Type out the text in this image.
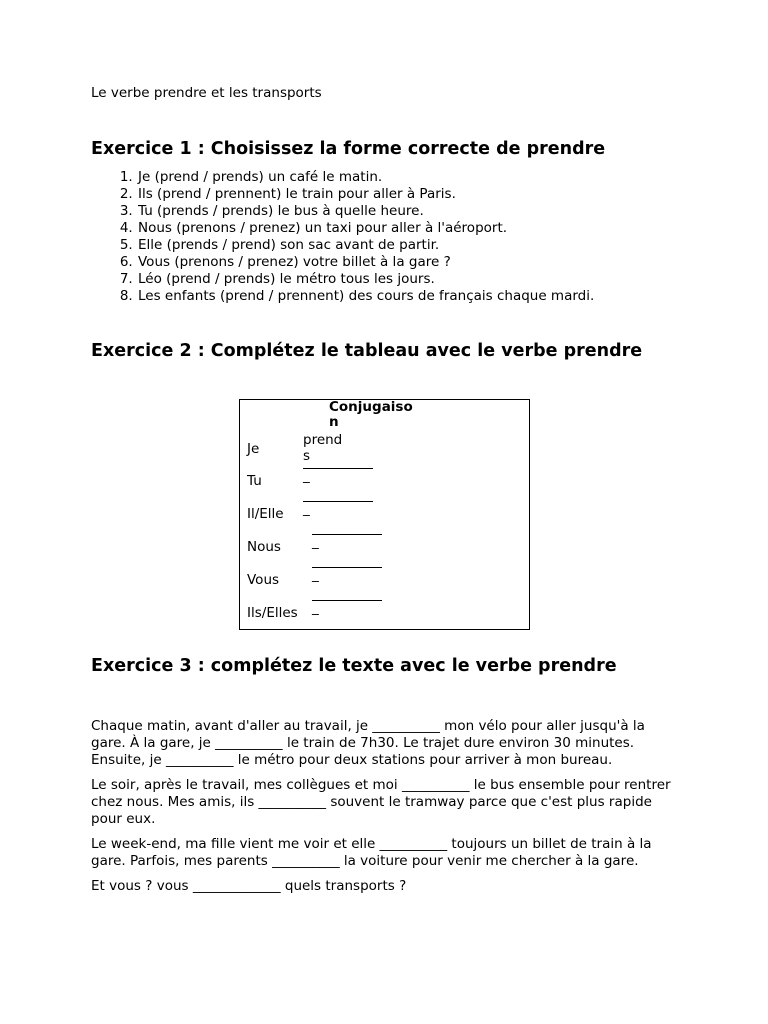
Le verbe prendre et les transports
Exercice 1 : Choisissez la forme correcte de prendre
1. Je (prend / prends) un café le matin.
2. Ils (prend / prennent) le train pour aller à Paris.
3. Tu (prends / prends) le bus à quelle heure.
4. Nous (prenons / prenez) un taxi pour aller à l'aéroport.
5. Elle (prends / prend) son sac avant de partir.
6. Vous (prenons / prenez) votre billet à la gare ?
7. Léo (prend / prends) le métro tous les jours.
8. Les enfants (prend / prennent) des cours de français chaque mardi.
Exercice 2 : Complétez le tableau avec le verbe prendre
Conjugaison
Je
prends
Tu	_
Il/Elle _
Nous _
Vous _
Ils/Elles _
Exercice 3 : complétez le texte avec le verbe prendre

Chaque matin, avant d'aller au travail, je __________ mon vélo pour aller jusqu'à la gare. À la gare, je __________ le train de 7h30. Le trajet dure environ 30 minutes. Ensuite, je __________ le métro pour deux stations pour arriver à mon bureau.

Le soir, après le travail, mes collègues et moi __________ le bus ensemble pour rentrer chez nous. Mes amis, ils __________ souvent le tramway parce que c'est plus rapide pour eux.

Le week-end, ma fille vient me voir et elle __________ toujours un billet de train à la gare. Parfois, mes parents __________ la voiture pour venir me chercher à la gare.

Et vous ? vous _____________ quels transports ?
